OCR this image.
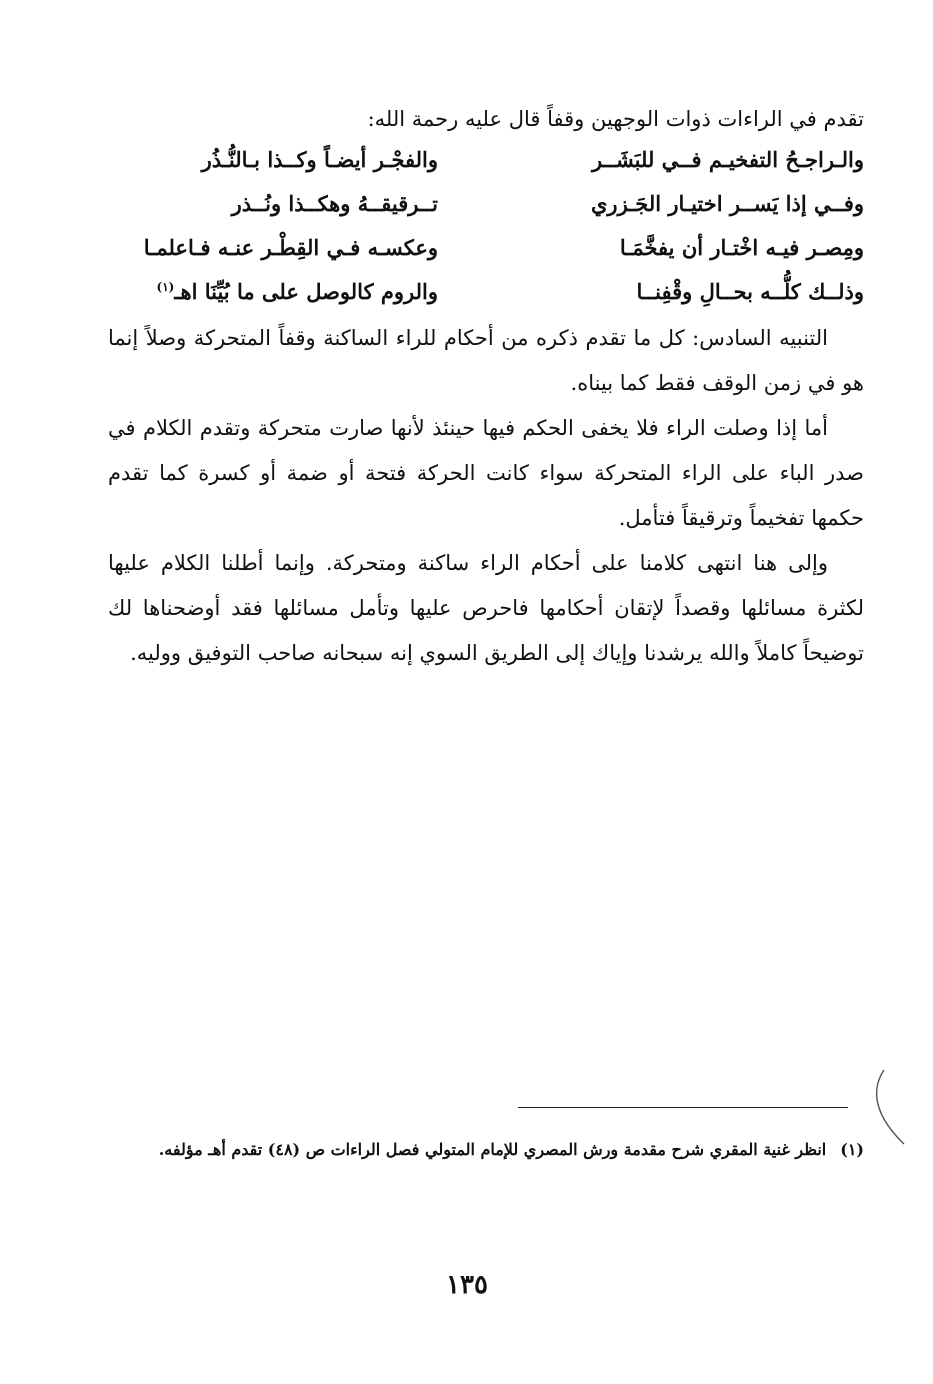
تقدم في الراءات ذوات الوجهين وقفاً قال عليه رحمة الله:

والـراجـحُ التفخيـم فــي للبَشَــر
والفجْـر أيضـاً وكــذا بـالنُّـذُر
وفــي إذا يَســر اختيـار الجَـزري
تــرقيقــهُ وهكــذا ونُــذر
ومِصـر فيـه اخْتـار أن يفخَّمَـا
وعكسـه فـي القِطْـر عنـه فـاعلمـا
وذلــك كلُّــه بحــالِ وقْفِنــا
والروم كالوصل على ما بُيِّنَا اهـ$^{(١)}$

التنبيه السادس: كل ما تقدم ذكره من أحكام للراء الساكنة وقفاً المتحركة وصلاً إنما هو في زمن الوقف فقط كما بيناه.

أما إذا وصلت الراء فلا يخفى الحكم فيها حينئذ لأنها صارت متحركة وتقدم الكلام في صدر الباء على الراء المتحركة سواء كانت الحركة فتحة أو ضمة أو كسرة كما تقدم حكمها تفخيماً وترقيقاً فتأمل.

وإلى هنا انتهى كلامنا على أحكام الراء ساكنة ومتحركة. وإنما أطلنا الكلام عليها لكثرة مسائلها وقصداً لإتقان أحكامها فاحرص عليها وتأمل مسائلها فقد أوضحناها لك توضيحاً كاملاً والله يرشدنا وإياك إلى الطريق السوي إنه سبحانه صاحب التوفيق ووليه.

(١)انظر غنية المقري شرح مقدمة ورش المصري للإمام المتولي فصل الراءات ص (٤٨) تقدم أهـ مؤلفه.
١٣٥
